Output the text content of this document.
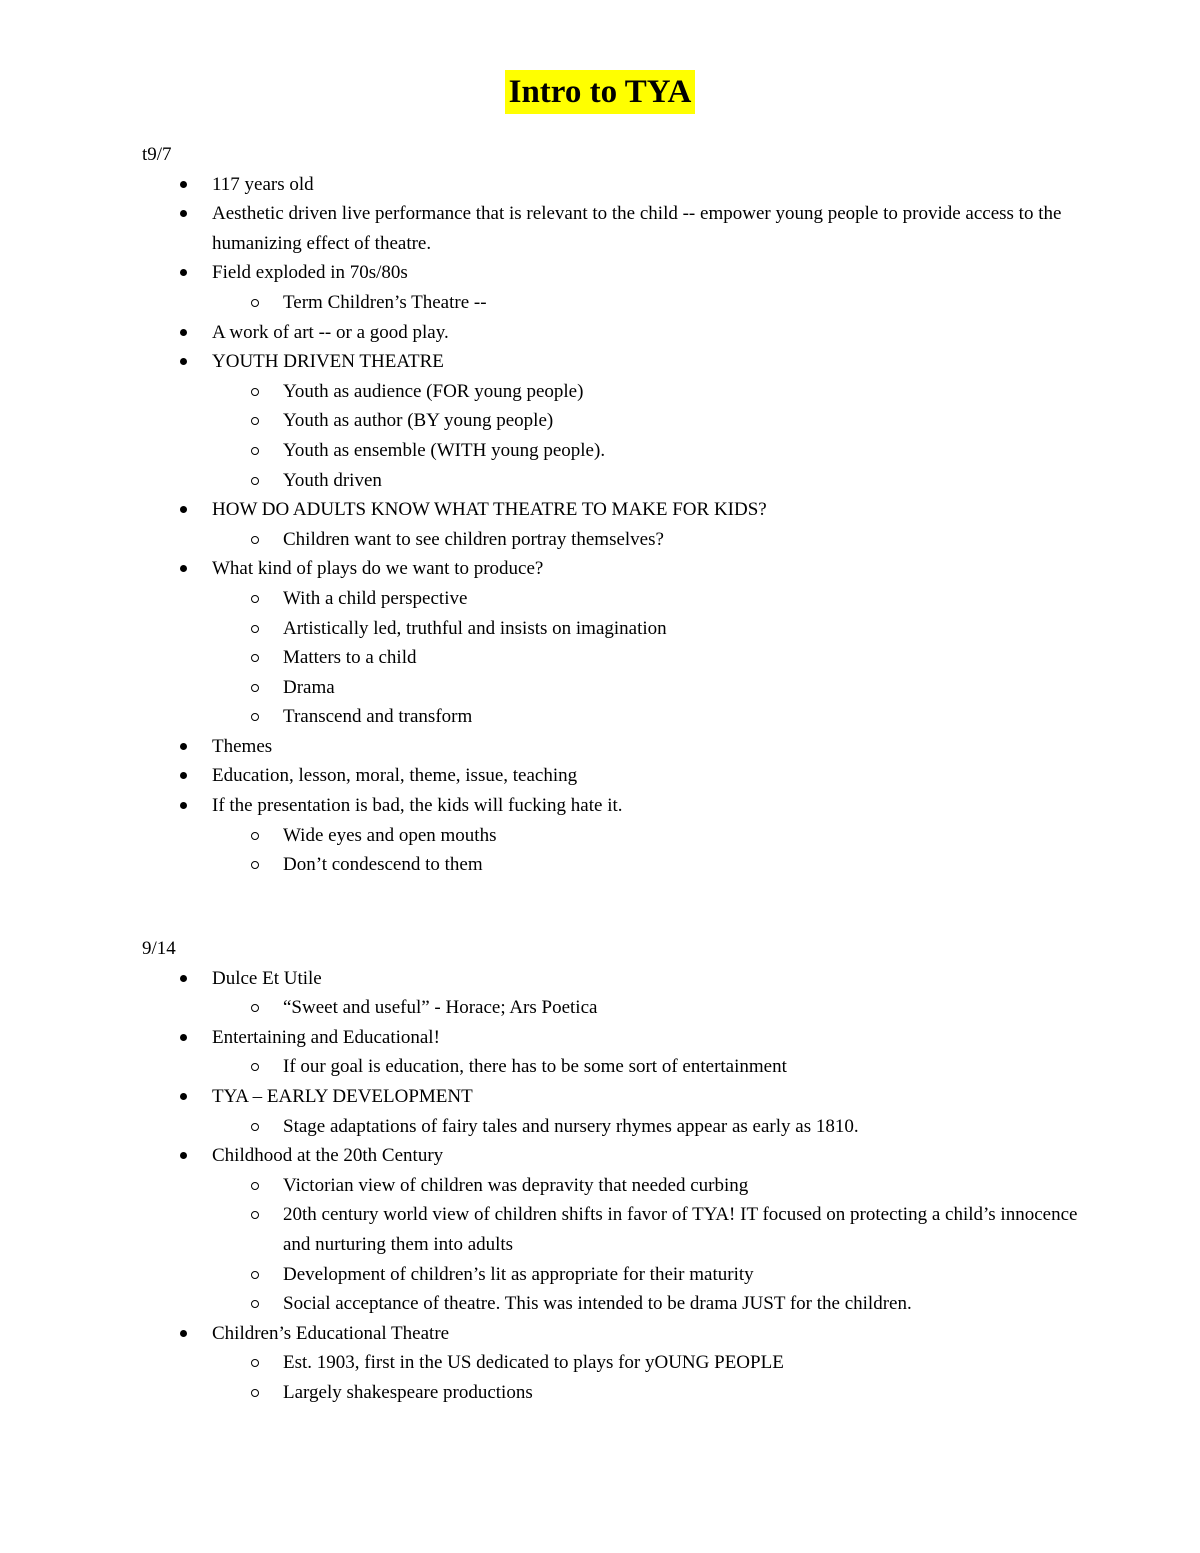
Intro to TYA
t9/7
117 years old
Aesthetic driven live performance that is relevant to the child -- empower young people to provide access to the humanizing effect of theatre.
Field exploded in 70s/80s
Term Children’s Theatre --
A work of art -- or a good play.
YOUTH DRIVEN THEATRE
Youth as audience (FOR young people)
Youth as author (BY young people)
Youth as ensemble (WITH young people).
Youth driven
HOW DO ADULTS KNOW WHAT THEATRE TO MAKE FOR KIDS?
Children want to see children portray themselves?
What kind of plays do we want to produce?
With a child perspective
Artistically led, truthful and insists on imagination
Matters to a child
Drama
Transcend and transform
Themes
Education, lesson, moral, theme, issue, teaching
If the presentation is bad, the kids will fucking hate it.
Wide eyes and open mouths
Don’t condescend to them
9/14
Dulce Et Utile
“Sweet and useful” - Horace; Ars Poetica
Entertaining and Educational!
If our goal is education, there has to be some sort of entertainment
TYA – EARLY DEVELOPMENT
Stage adaptations of fairy tales and nursery rhymes appear as early as 1810.
Childhood at the 20th Century
Victorian view of children was depravity that needed curbing
20th century world view of children shifts in favor of TYA! IT focused on protecting a child’s innocence and nurturing them into adults
Development of children’s lit as appropriate for their maturity
Social acceptance of theatre. This was intended to be drama JUST for the children.
Children’s Educational Theatre
Est. 1903, first in the US dedicated to plays for yOUNG PEOPLE
Largely shakespeare productions
